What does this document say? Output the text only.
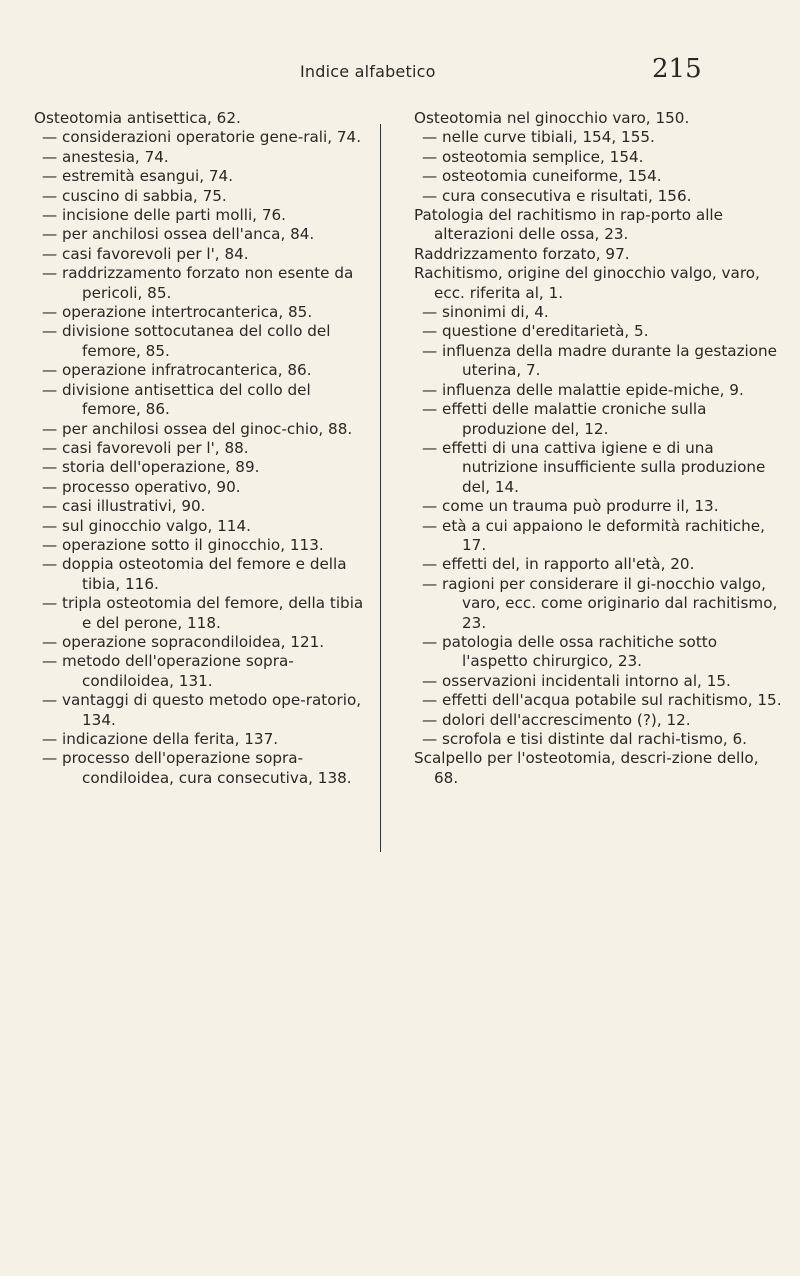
Indice alfabetico	215
Osteotomia antisettica, 62.
— considerazioni operatorie gene-rali, 74.
— anestesia, 74.
— estremità esangui, 74.
— cuscino di sabbia, 75.
— incisione delle parti molli, 76.
— per anchilosi ossea dell'anca, 84.
— casi favorevoli per l', 84.
— raddrizzamento forzato non esente da pericoli, 85.
— operazione intertrocanterica, 85.
— divisione sottocutanea del collo del femore, 85.
— operazione infratrocanterica, 86.
— divisione antisettica del collo del femore, 86.
— per anchilosi ossea del ginoc-chio, 88.
— casi favorevoli per l', 88.
— storia dell'operazione, 89.
— processo operativo, 90.
— casi illustrativi, 90.
— sul ginocchio valgo, 114.
— operazione sotto il ginocchio, 113.
— doppia osteotomia del femore e della tibia, 116.
— tripla osteotomia del femore, della tibia e del perone, 118.
— operazione sopracondiloidea, 121.
— metodo dell'operazione sopra-condiloidea, 131.
— vantaggi di questo metodo ope-ratorio, 134.
— indicazione della ferita, 137.
— processo dell'operazione sopra-condiloidea, cura consecutiva, 138.
Osteotomia nel ginocchio varo, 150.
— nelle curve tibiali, 154, 155.
— osteotomia semplice, 154.
— osteotomia cuneiforme, 154.
— cura consecutiva e risultati, 156.
Patologia del rachitismo in rap-porto alle alterazioni delle ossa, 23.
Raddrizzamento forzato, 97.
Rachitismo, origine del ginocchio valgo, varo, ecc. riferita al, 1.
— sinonimi di, 4.
— questione d'ereditarietà, 5.
— influenza della madre durante la gestazione uterina, 7.
— influenza delle malattie epide-miche, 9.
— effetti delle malattie croniche sulla produzione del, 12.
— effetti di una cattiva igiene e di una nutrizione insufficiente sulla produzione del, 14.
— come un trauma può produrre il, 13.
— età a cui appaiono le deformità rachitiche, 17.
— effetti del, in rapporto all'età, 20.
— ragioni per considerare il gi-nocchio valgo, varo, ecc. come originario dal rachitismo, 23.
— patologia delle ossa rachitiche sotto l'aspetto chirurgico, 23.
— osservazioni incidentali intorno al, 15.
— effetti dell'acqua potabile sul rachitismo, 15.
— dolori dell'accrescimento (?), 12.
— scrofola e tisi distinte dal rachi-tismo, 6.
Scalpello per l'osteotomia, descri-zione dello, 68.
